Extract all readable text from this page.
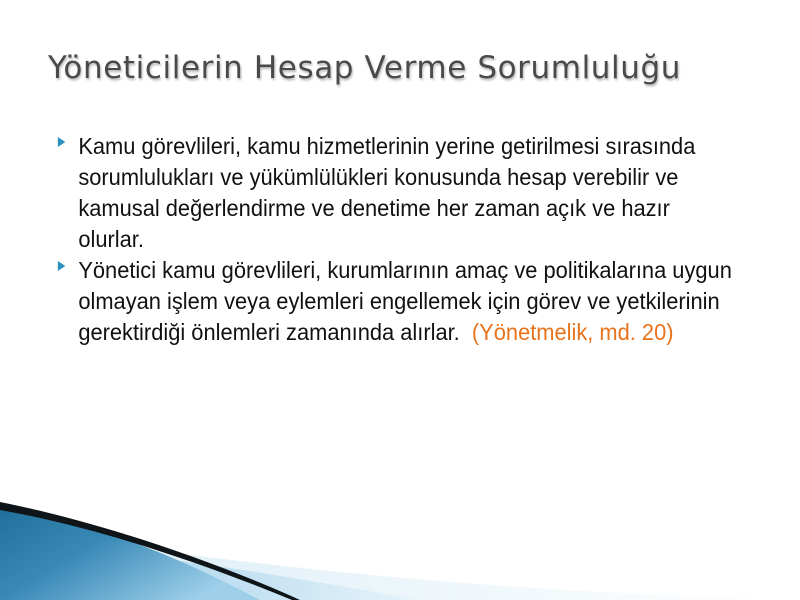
Yöneticilerin Hesap Verme Sorumluluğu
Kamu görevlileri, kamu hizmetlerinin yerine getirilmesi sırasında sorumlulukları ve yükümlülükleri konusunda hesap verebilir ve kamusal değerlendirme ve denetime her zaman açık ve hazır olurlar.
Yönetici kamu görevlileri, kurumlarının amaç ve politikalarına uygun olmayan işlem veya eylemleri engellemek için görev ve yetkilerinin gerektirdiği önlemleri zamanında alırlar. (Yönetmelik, md. 20)
